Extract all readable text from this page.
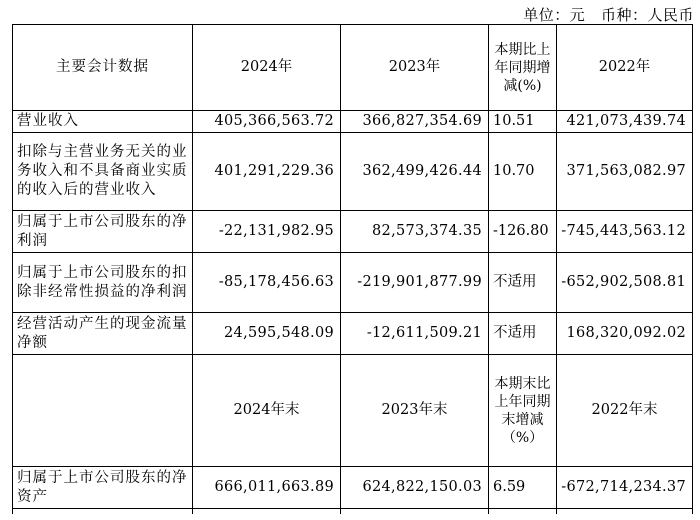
单位：元   币种：人民币
主要会计数据	2024年	2023年	本期比上年同期增减(%)	2022年
营业收入	405,366,563.72	366,827,354.69	10.51	421,073,439.74
扣除与主营业务无关的业务收入和不具备商业实质的收入后的营业收入	401,291,229.36	362,499,426.44	10.70	371,563,082.97
归属于上市公司股东的净利润	-22,131,982.95	82,573,374.35	-126.80	-745,443,563.12
归属于上市公司股东的扣除非经常性损益的净利润	-85,178,456.63	-219,901,877.99	不适用	-652,902,508.81
经营活动产生的现金流量净额	24,595,548.09	-12,611,509.21	不适用	168,320,092.02
	2024年末	2023年末	本期末比上年同期末增减（%）	2022年末
归属于上市公司股东的净资产	666,011,663.89	624,822,150.03	6.59	-672,714,234.37
